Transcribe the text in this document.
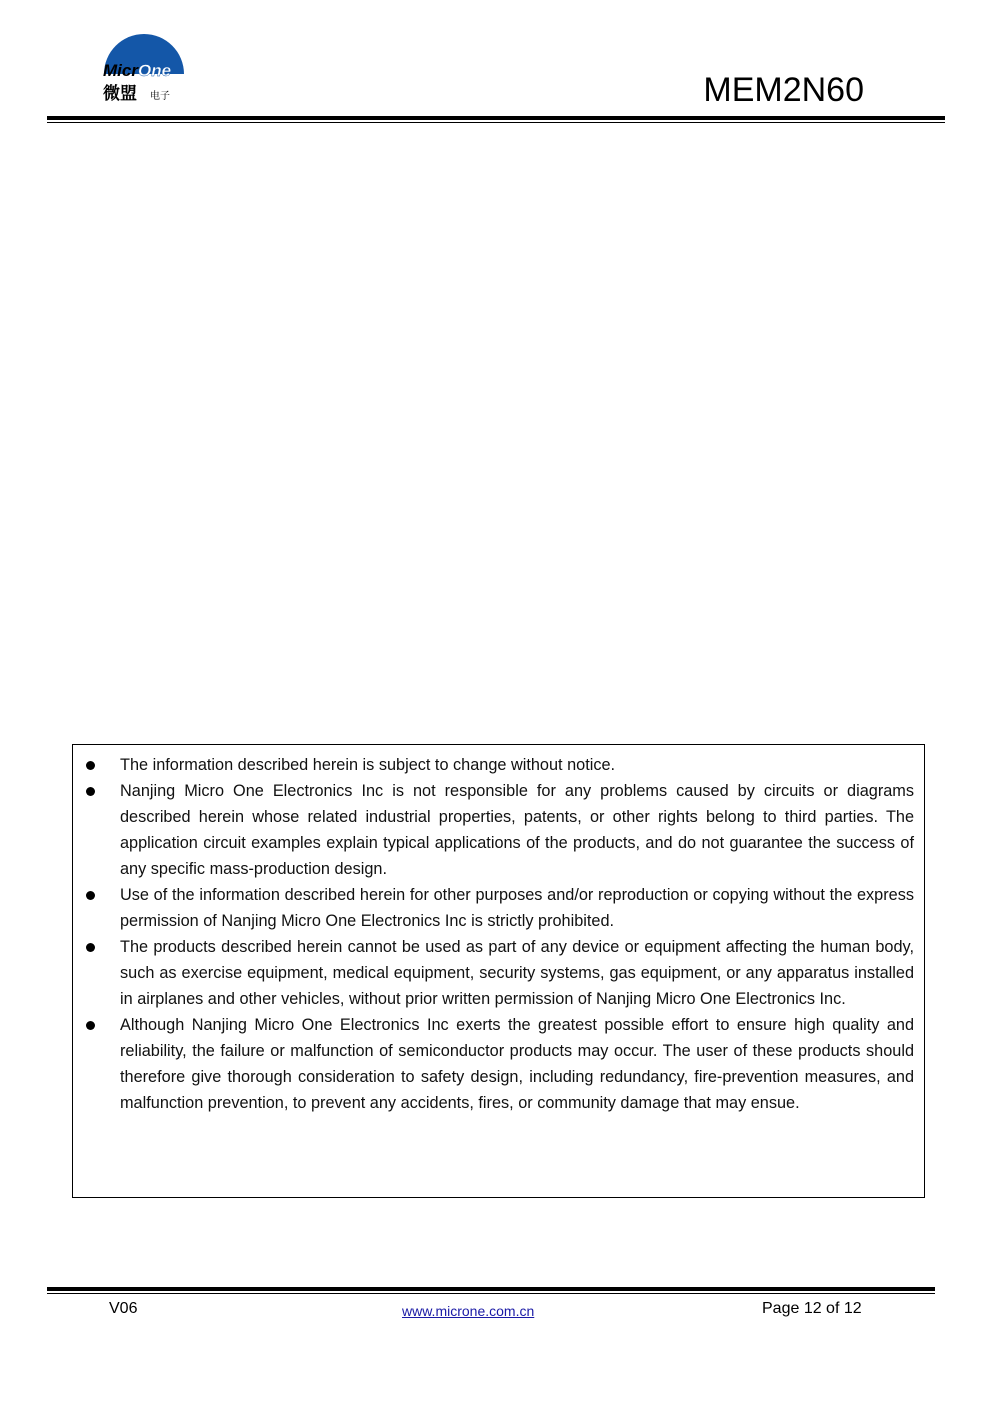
MicrOne
微盟 电子	MEM2N60
The information described herein is subject to change without notice.
Nanjing Micro One Electronics Inc is not responsible for any problems caused by circuits or diagrams described herein whose related industrial properties, patents, or other rights belong to third parties. The application circuit examples explain typical applications of the products, and do not guarantee the success of any specific mass-production design.
Use of the information described herein for other purposes and/or reproduction or copying without the express permission of Nanjing Micro One Electronics Inc is strictly prohibited.
The products described herein cannot be used as part of any device or equipment affecting the human body, such as exercise equipment, medical equipment, security systems, gas equipment, or any apparatus installed in airplanes and other vehicles, without prior written permission of Nanjing Micro One Electronics Inc.
Although Nanjing Micro One Electronics Inc exerts the greatest possible effort to ensure high quality and reliability, the failure or malfunction of semiconductor products may occur. The user of these products should therefore give thorough consideration to safety design, including redundancy, fire-prevention measures, and malfunction prevention, to prevent any accidents, fires, or community damage that may ensue.
V06	www.microne.com.cn	Page 12 of 12
